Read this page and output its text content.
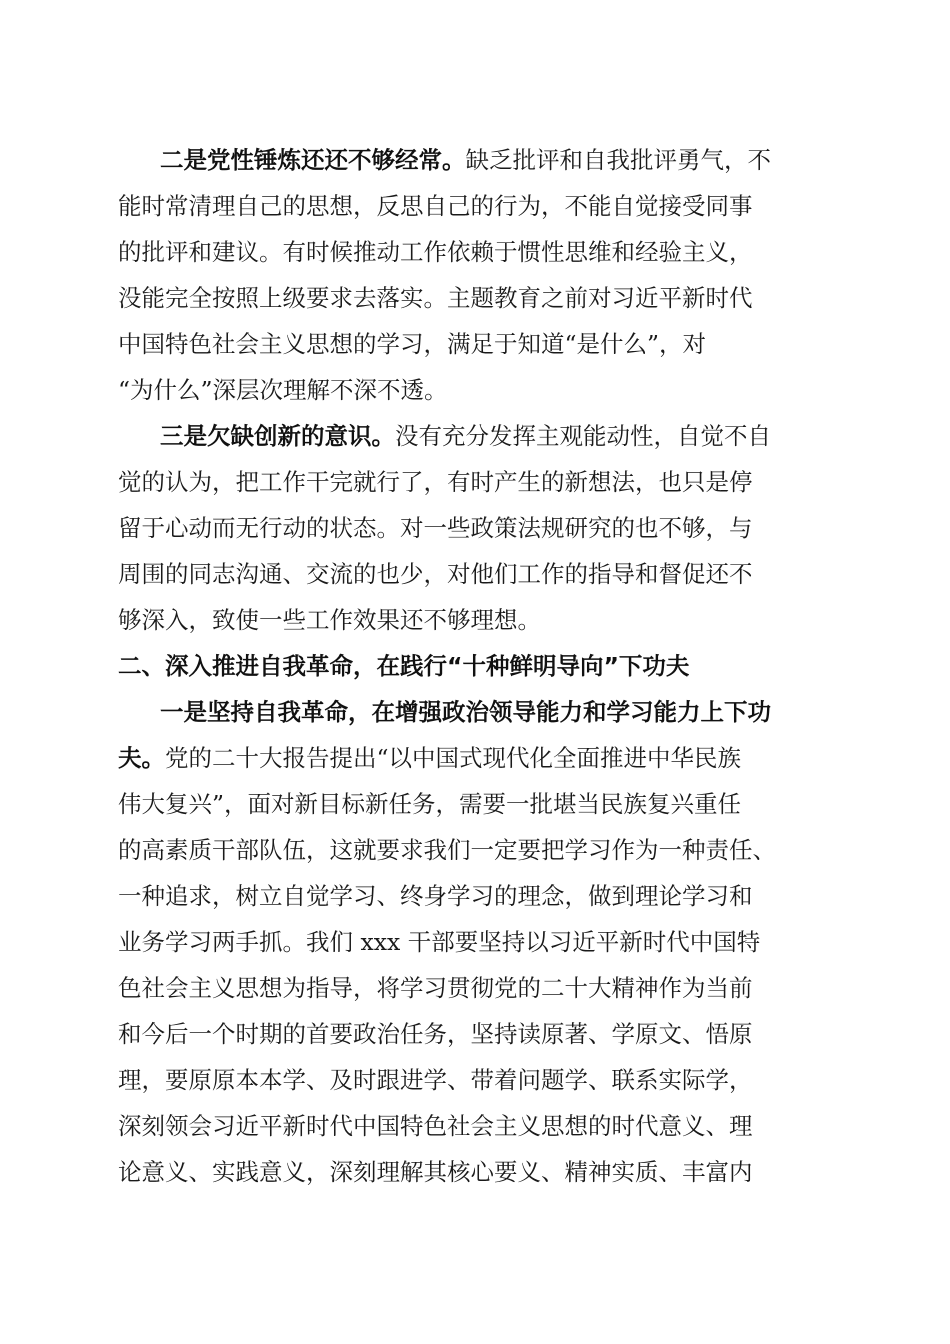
二是党性锤炼还还不够经常。缺乏批评和自我批评勇气，不
能时常清理自己的思想，反思自己的行为，不能自觉接受同事
的批评和建议。有时候推动工作依赖于惯性思维和经验主义，
没能完全按照上级要求去落实。主题教育之前对习近平新时代
中国特色社会主义思想的学习，满足于知道“是什么”，对
“为什么”深层次理解不深不透。
三是欠缺创新的意识。没有充分发挥主观能动性，自觉不自
觉的认为，把工作干完就行了，有时产生的新想法，也只是停
留于心动而无行动的状态。对一些政策法规研究的也不够，与
周围的同志沟通、交流的也少，对他们工作的指导和督促还不
够深入，致使一些工作效果还不够理想。
二、深入推进自我革命，在践行“十种鲜明导向”下功夫
一是坚持自我革命，在增强政治领导能力和学习能力上下功
夫。党的二十大报告提出“以中国式现代化全面推进中华民族
伟大复兴”，面对新目标新任务，需要一批堪当民族复兴重任
的高素质干部队伍，这就要求我们一定要把学习作为一种责任、
一种追求，树立自觉学习、终身学习的理念，做到理论学习和
业务学习两手抓。我们 xxx 干部要坚持以习近平新时代中国特
色社会主义思想为指导，将学习贯彻党的二十大精神作为当前
和今后一个时期的首要政治任务，坚持读原著、学原文、悟原
理，要原原本本学、及时跟进学、带着问题学、联系实际学，
深刻领会习近平新时代中国特色社会主义思想的时代意义、理
论意义、实践意义，深刻理解其核心要义、精神实质、丰富内
